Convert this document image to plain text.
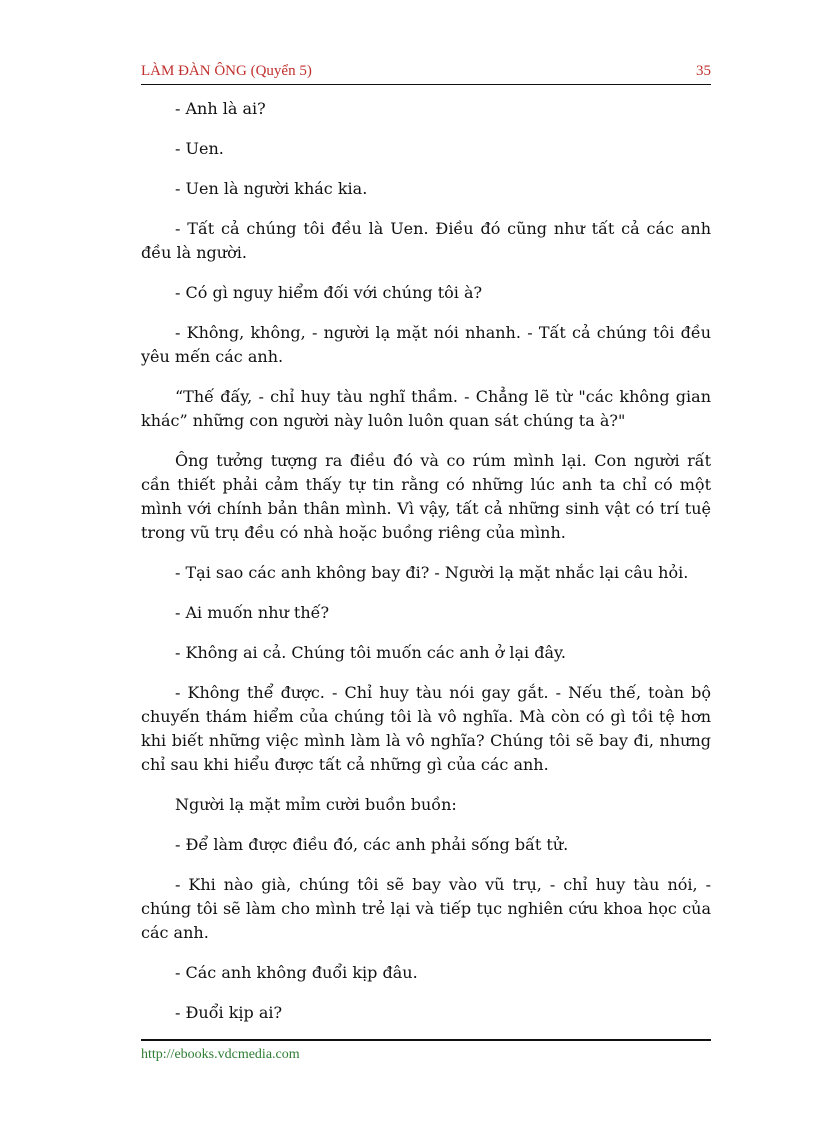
LÀM ĐÀN ÔNG (Quyển 5)	35

- Anh là ai?

- Uen.

- Uen là người khác kia.

- Tất cả chúng tôi đều là Uen. Điều đó cũng như tất cả các anh đều là người.

- Có gì nguy hiểm đối với chúng tôi à?

- Không, không, - người lạ mặt nói nhanh. - Tất cả chúng tôi đều yêu mến các anh.

“Thế đấy, - chỉ huy tàu nghĩ thầm. - Chẳng lẽ từ "các không gian khác” những con người này luôn luôn quan sát chúng ta à?"

Ông tưởng tượng ra điều đó và co rúm mình lại. Con người rất cần thiết phải cảm thấy tự tin rằng có những lúc anh ta chỉ có một mình với chính bản thân mình. Vì vậy, tất cả những sinh vật có trí tuệ trong vũ trụ đều có nhà hoặc buồng riêng của mình.

- Tại sao các anh không bay đi? - Người lạ mặt nhắc lại câu hỏi.

- Ai muốn như thế?

- Không ai cả. Chúng tôi muốn các anh ở lại đây.

- Không thể được. - Chỉ huy tàu nói gay gắt. - Nếu thế, toàn bộ chuyến thám hiểm của chúng tôi là vô nghĩa. Mà còn có gì tồi tệ hơn khi biết những việc mình làm là vô nghĩa? Chúng tôi sẽ bay đi, nhưng chỉ sau khi hiểu được tất cả những gì của các anh.

Người lạ mặt mỉm cười buồn buồn:

- Để làm được điều đó, các anh phải sống bất tử.

- Khi nào già, chúng tôi sẽ bay vào vũ trụ, - chỉ huy tàu nói, - chúng tôi sẽ làm cho mình trẻ lại và tiếp tục nghiên cứu khoa học của các anh.

- Các anh không đuổi kịp đâu.

- Đuổi kịp ai?

http://ebooks.vdcmedia.com
